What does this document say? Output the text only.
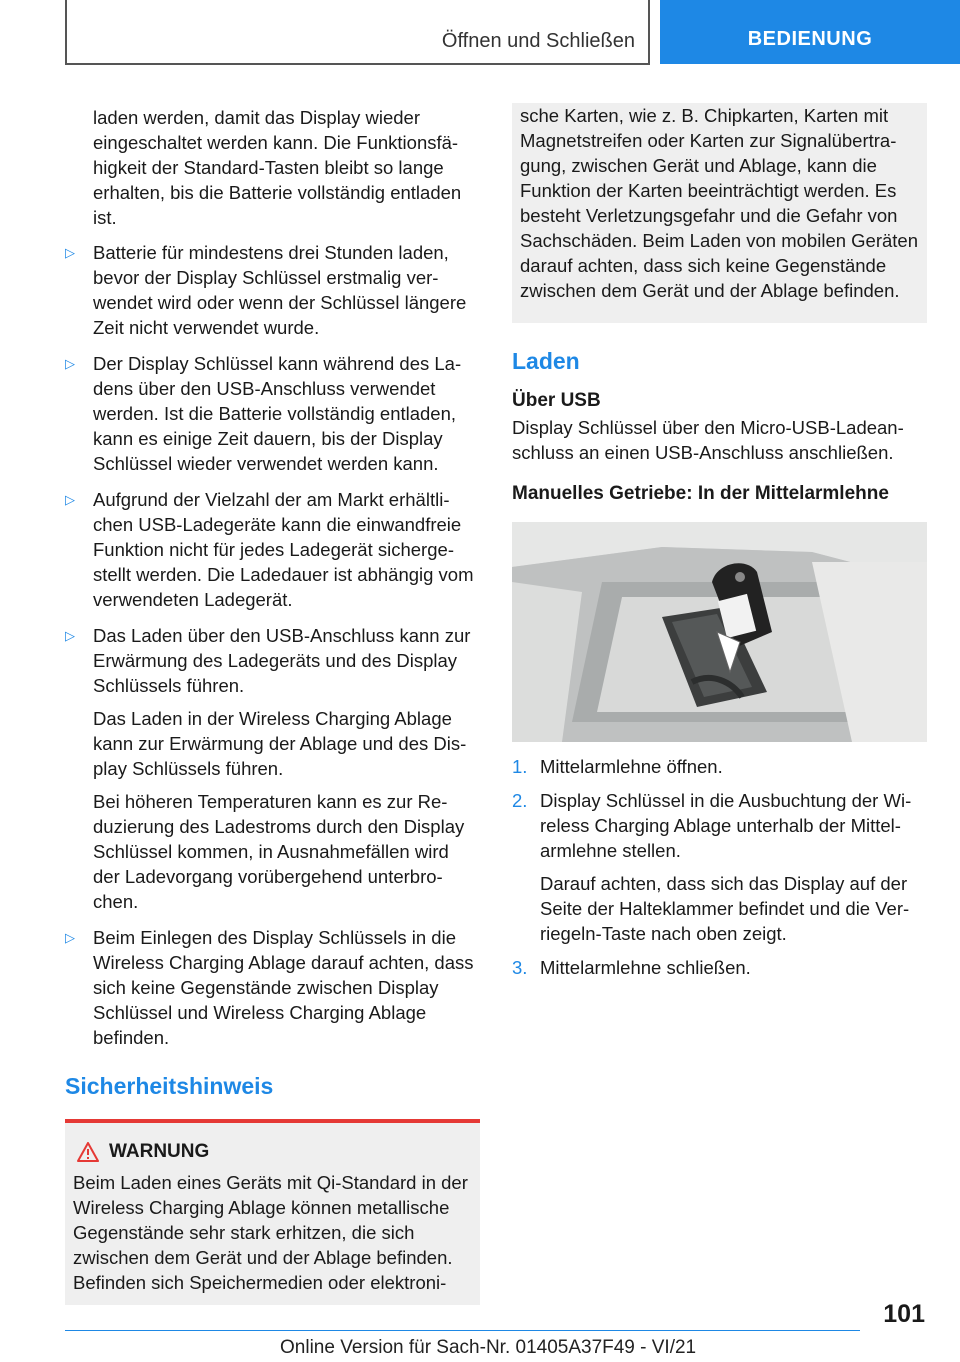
Öffnen und Schließen	BEDIENUNG

laden werden, damit das Display wieder eingeschaltet werden kann. Die Funktionsfähigkeit der Standard-Tasten bleibt so lange erhalten, bis die Batterie vollständig entladen ist.

▷ Batterie für mindestens drei Stunden laden, bevor der Display Schlüssel erstmalig verwendet wird oder wenn der Schlüssel längere Zeit nicht verwendet wurde.
▷ Der Display Schlüssel kann während des Ladens über den USB-Anschluss verwendet werden. Ist die Batterie vollständig entladen, kann es einige Zeit dauern, bis der Display Schlüssel wieder verwendet werden kann.
▷ Aufgrund der Vielzahl der am Markt erhältlichen USB-Ladegeräte kann die einwandfreie Funktion nicht für jedes Ladegerät sichergestellt werden. Die Ladedauer ist abhängig vom verwendeten Ladegerät.
▷ Das Laden über den USB-Anschluss kann zur Erwärmung des Ladegeräts und des Display Schlüssels führen.

Das Laden in der Wireless Charging Ablage kann zur Erwärmung der Ablage und des Display Schlüssels führen.

Bei höheren Temperaturen kann es zur Reduzierung des Ladestroms durch den Display Schlüssel kommen, in Ausnahmefällen wird der Ladevorgang vorübergehend unterbrochen.

▷ Beim Einlegen des Display Schlüssels in die Wireless Charging Ablage darauf achten, dass sich keine Gegenstände zwischen Display Schlüssel und Wireless Charging Ablage befinden.
Sicherheitshinweis
WARNUNG
Beim Laden eines Geräts mit Qi-Standard in der Wireless Charging Ablage können metallische Gegenstände sehr stark erhitzen, die sich zwischen dem Gerät und der Ablage befinden. Befinden sich Speichermedien oder elektroni-
sche Karten, wie z. B. Chipkarten, Karten mit Magnetstreifen oder Karten zur Signalübertragung, zwischen Gerät und Ablage, kann die Funktion der Karten beeinträchtigt werden. Es besteht Verletzungsgefahr und die Gefahr von Sachschäden. Beim Laden von mobilen Geräten darauf achten, dass sich keine Gegenstände zwischen dem Gerät und der Ablage befinden.
Laden
Über USB
Display Schlüssel über den Micro-USB-Ladeanschluss an einen USB-Anschluss anschließen.
Manuelles Getriebe: In der Mittelarmlehne
1. Mittelarmlehne öffnen.
2. Display Schlüssel in die Ausbuchtung der Wireless Charging Ablage unterhalb der Mittelarmlehne stellen.

Darauf achten, dass sich das Display auf der Seite der Halteklammer befindet und die Verriegeln-Taste nach oben zeigt.

3. Mittelarmlehne schließen.
101
Online Version für Sach-Nr. 01405A37F49 - VI/21
